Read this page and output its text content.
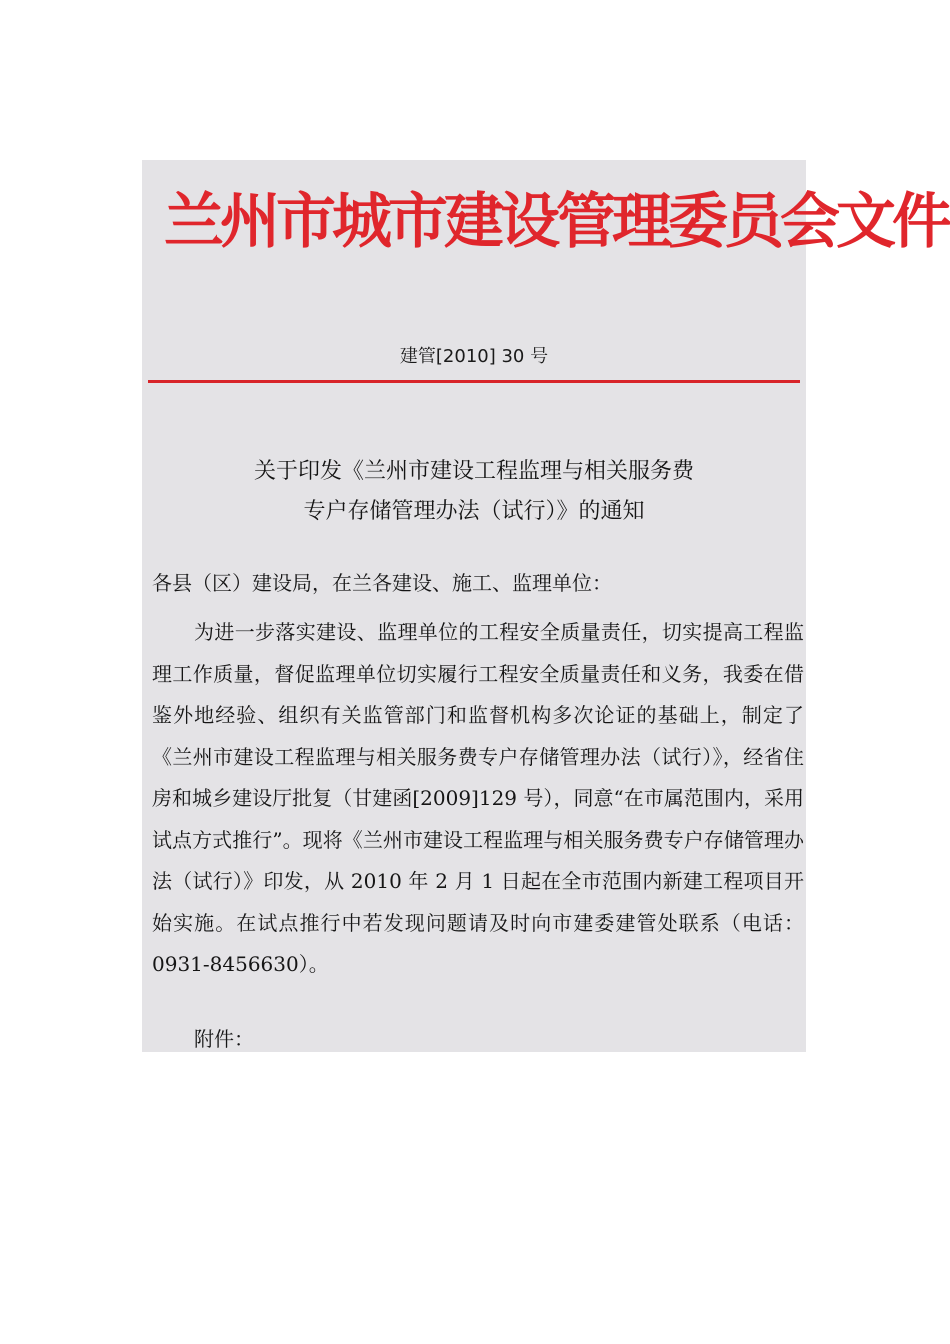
兰州市城市建设管理委员会文件
建管[2010] 30 号
关于印发《兰州市建设工程监理与相关服务费
专户存储管理办法（试行）》的通知
各县（区）建设局，在兰各建设、施工、监理单位：

为进一步落实建设、监理单位的工程安全质量责任，切实提高工程监理工作质量，督促监理单位切实履行工程安全质量责任和义务，我委在借鉴外地经验、组织有关监管部门和监督机构多次论证的基础上，制定了《兰州市建设工程监理与相关服务费专户存储管理办法（试行）》，经省住房和城乡建设厅批复（甘建函[2009]129 号），同意“在市属范围内，采用试点方式推行”。现将《兰州市建设工程监理与相关服务费专户存储管理办法（试行）》印发，从 2010 年 2 月 1 日起在全市范围内新建工程项目开始实施。在试点推行中若发现问题请及时向市建委建管处联系（电话：0931-8456630）。

附件：
